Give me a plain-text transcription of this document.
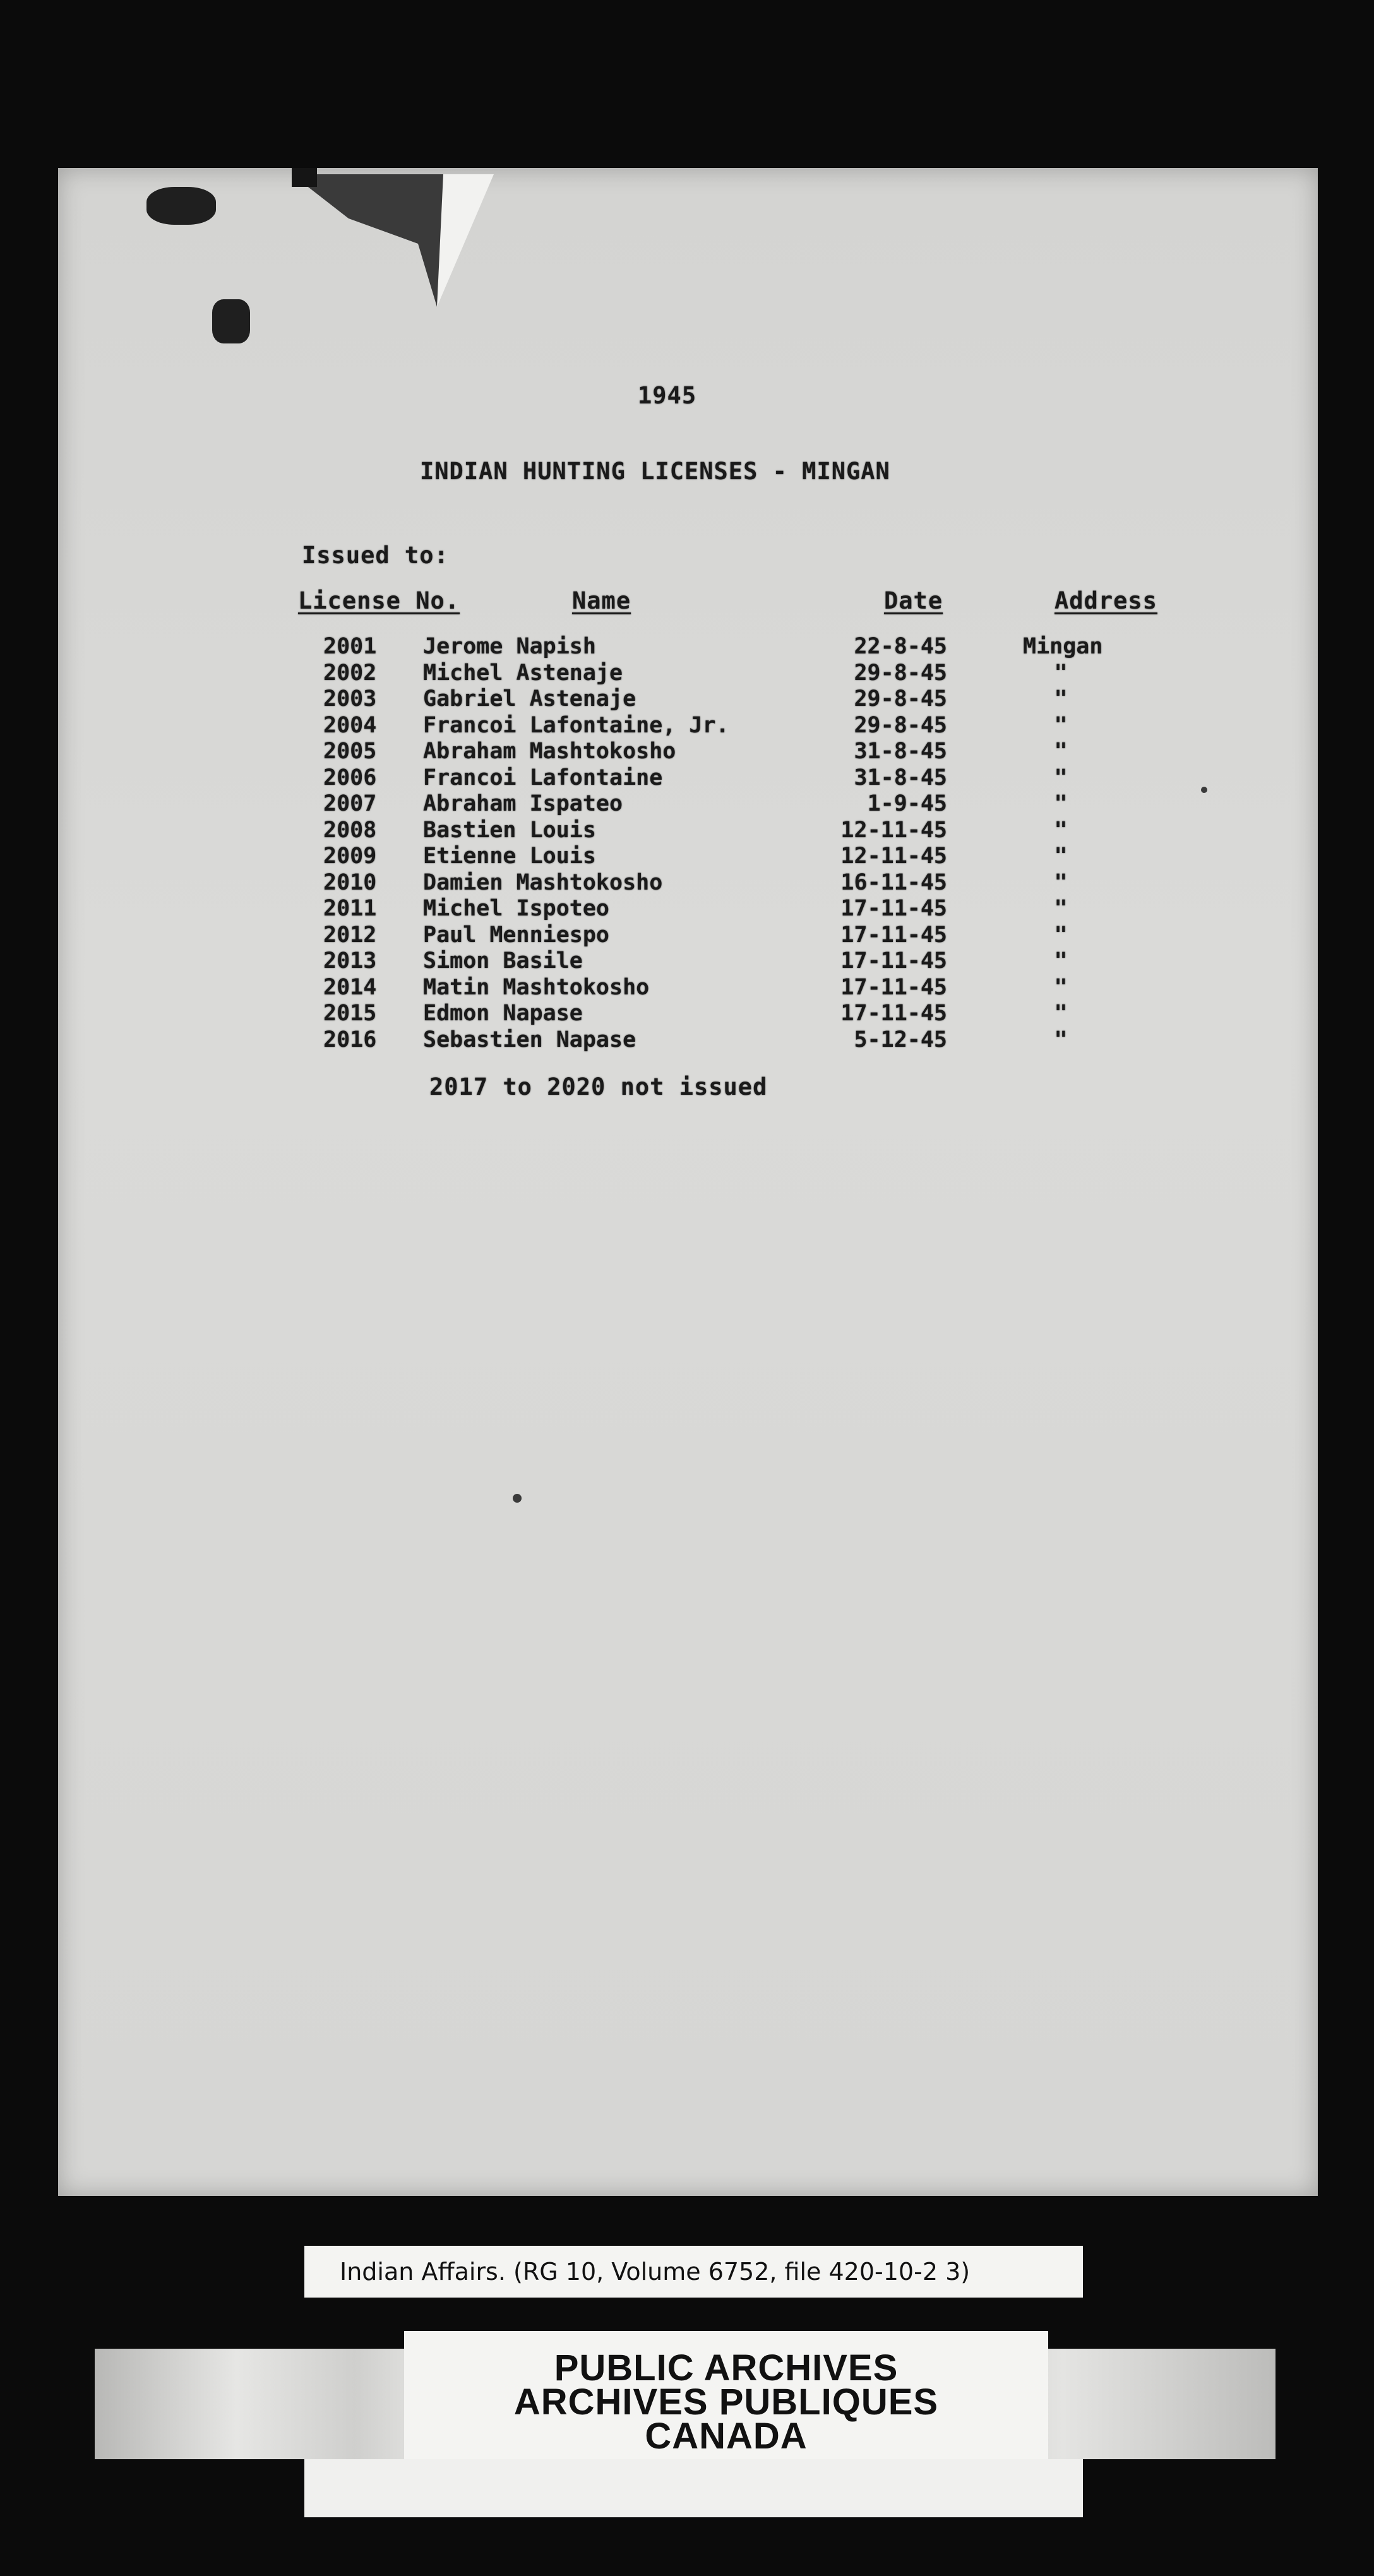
1945
INDIAN HUNTING LICENSES - MINGAN
Issued to:
License No.	Name	Date	Address
2001 Jerome Napish	22-8-45	Mingan
2002 Michel Astenaje	29-8-45	"
2003 Gabriel Astenaje	29-8-45	"
2004 Francoi Lafontaine, Jr.	29-8-45	"
2005 Abraham Mashtokosho	31-8-45	"
2006 Francoi Lafontaine	31-8-45	"
2007 Abraham Ispateo	1-9-45	"
2008 Bastien Louis	12-11-45	"
2009 Etienne Louis	12-11-45	"
2010 Damien Mashtokosho	16-11-45	"
2011 Michel Ispoteo	17-11-45	"
2012 Paul Menniespo	17-11-45	"
2013 Simon Basile	17-11-45	"
2014 Matin Mashtokosho	17-11-45	"
2015 Edmon Napase	17-11-45	"
2016 Sebastien Napase	5-12-45	"
2017 to 2020 not issued
Indian Affairs. (RG 10, Volume 6752, file 420-10-2 3)
PUBLIC ARCHIVES
ARCHIVES PUBLIQUES
CANADA
